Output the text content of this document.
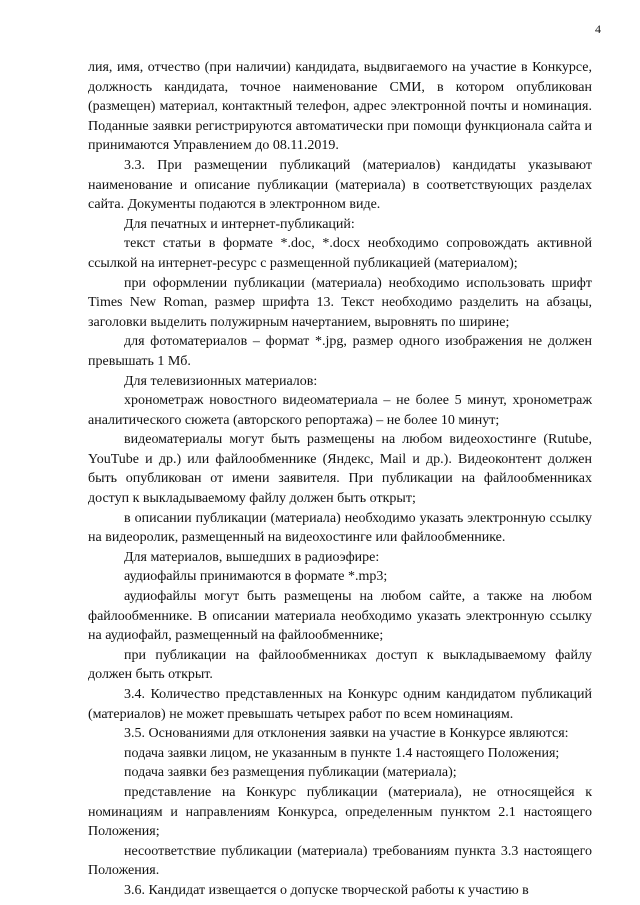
4

лия, имя, отчество (при наличии) кандидата, выдвигаемого на участие в Конкурсе, должность кандидата, точное наименование СМИ, в котором опубликован (размещен) материал, контактный телефон, адрес электронной почты и номинация. Поданные заявки регистрируются автоматически при помощи функционала сайта и принимаются Управлением до 08.11.2019.

3.3. При размещении публикаций (материалов) кандидаты указывают наименование и описание публикации (материала) в соответствующих разделах сайта. Документы подаются в электронном виде.

Для печатных и интернет-публикаций:

текст статьи в формате *.doc, *.docx необходимо сопровождать активной ссылкой на интернет-ресурс с размещенной публикацией (материалом);

при оформлении публикации (материала) необходимо использовать шрифт Times New Roman, размер шрифта 13. Текст необходимо разделить на абзацы, заголовки выделить полужирным начертанием, выровнять по ширине;

для фотоматериалов – формат *.jpg, размер одного изображения не должен превышать 1 Мб.

Для телевизионных материалов:

хронометраж новостного видеоматериала – не более 5 минут, хронометраж аналитического сюжета (авторского репортажа) – не более 10 минут;

видеоматериалы могут быть размещены на любом видеохостинге (Rutube, YouTube и др.) или файлообменнике (Яндекс, Mail и др.). Видеоконтент должен быть опубликован от имени заявителя. При публикации на файлообменниках доступ к выкладываемому файлу должен быть открыт;

в описании публикации (материала) необходимо указать электронную ссылку на видеоролик, размещенный на видеохостинге или файлообменнике.

Для материалов, вышедших в радиоэфире:

аудиофайлы принимаются в формате *.mp3;

аудиофайлы могут быть размещены на любом сайте, а также на любом файлообменнике. В описании материала необходимо указать электронную ссылку на аудиофайл, размещенный на файлообменнике;

при публикации на файлообменниках доступ к выкладываемому файлу должен быть открыт.

3.4. Количество представленных на Конкурс одним кандидатом публикаций (материалов) не может превышать четырех работ по всем номинациям.

3.5. Основаниями для отклонения заявки на участие в Конкурсе являются:

подача заявки лицом, не указанным в пункте 1.4 настоящего Положения;

подача заявки без размещения публикации (материала);

представление на Конкурс публикации (материала), не относящейся к номинациям и направлениям Конкурса, определенным пунктом 2.1 настоящего Положения;

несоответствие публикации (материала) требованиям пункта 3.3 настоящего Положения.

3.6. Кандидат извещается о допуске творческой работы к участию в
